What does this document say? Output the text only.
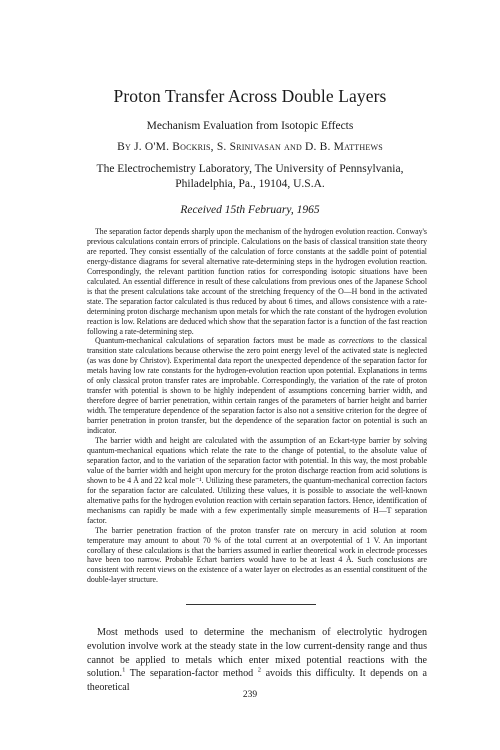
Proton Transfer Across Double Layers
Mechanism Evaluation from Isotopic Effects
By J. O'M. Bockris, S. Srinivasan and D. B. Matthews
The Electrochemistry Laboratory, The University of Pennsylvania,
Philadelphia, Pa., 19104, U.S.A.
Received 15th February, 1965

The separation factor depends sharply upon the mechanism of the hydrogen evolution reaction. Conway's previous calculations contain errors of principle. Calculations on the basis of classical transition state theory are reported. They consist essentially of the calculation of force constants at the saddle point of potential energy-distance diagrams for several alternative rate-determining steps in the hydrogen evolution reaction. Correspondingly, the relevant partition function ratios for corresponding isotopic situations have been calculated. An essential difference in result of these calculations from previous ones of the Japanese School is that the present calculations take account of the stretching frequency of the O—H bond in the activated state. The separation factor calculated is thus reduced by about 6 times, and allows consistence with a rate-determining proton discharge mechanism upon metals for which the rate constant of the hydrogen evolution reaction is low. Relations are deduced which show that the separation factor is a function of the fast reaction following a rate-determining step.

Quantum-mechanical calculations of separation factors must be made as corrections to the classical transition state calculations because otherwise the zero point energy level of the activated state is neglected (as was done by Christov). Experimental data report the unexpected dependence of the separation factor for metals having low rate constants for the hydrogen-evolution reaction upon potential. Explanations in terms of only classical proton transfer rates are improbable. Correspondingly, the variation of the rate of proton transfer with potential is shown to be highly independent of assumptions concerning barrier width, and therefore degree of barrier penetration, within certain ranges of the parameters of barrier height and barrier width. The temperature dependence of the separation factor is also not a sensitive criterion for the degree of barrier penetration in proton transfer, but the dependence of the separation factor on potential is such an indicator.

The barrier width and height are calculated with the assumption of an Eckart-type barrier by solving quantum-mechanical equations which relate the rate to the change of potential, to the absolute value of separation factor, and to the variation of the separation factor with potential. In this way, the most probable value of the barrier width and height upon mercury for the proton discharge reaction from acid solutions is shown to be 4 Å and 22 kcal mole⁻¹. Utilizing these parameters, the quantum-mechanical correction factors for the separation factor are calculated. Utilizing these values, it is possible to associate the well-known alternative paths for the hydrogen evolution reaction with certain separation factors. Hence, identification of mechanisms can rapidly be made with a few experimentally simple measurements of H—T separation factor.

The barrier penetration fraction of the proton transfer rate on mercury in acid solution at room temperature may amount to about 70 % of the total current at an overpotential of 1 V. An important corollary of these calculations is that the barriers assumed in earlier theoretical work in electrode processes have been too narrow. Probable Echart barriers would have to be at least 4 Å. Such conclusions are consistent with recent views on the existence of a water layer on electrodes as an essential constituent of the double-layer structure.

Most methods used to determine the mechanism of electrolytic hydrogen evolution involve work at the steady state in the low current-density range and thus cannot be applied to metals which enter mixed potential reactions with the solution.$^1$ The separation-factor method $^2$ avoids this difficulty. It depends on a theoretical

239
